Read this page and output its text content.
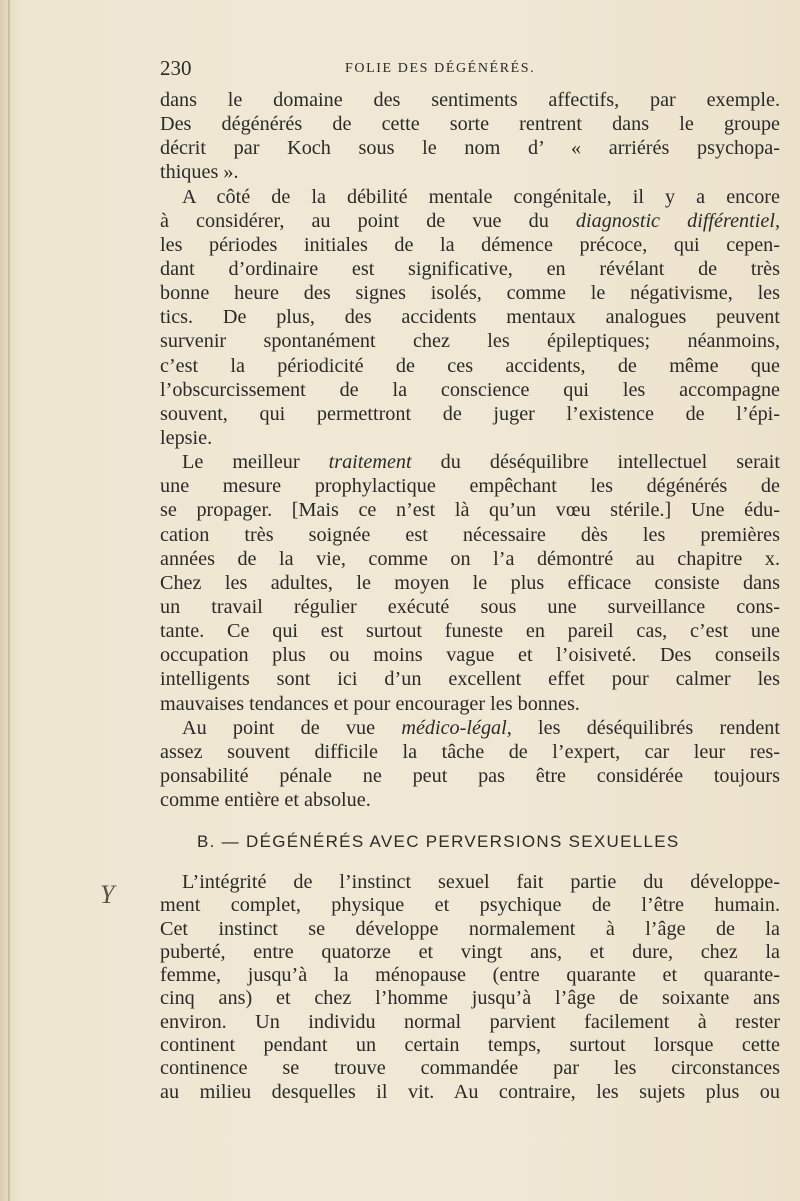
230	FOLIE DES DÉGÉNÉRÉS.
Y
dans le domaine des sentiments affectifs, par exemple.
Des dégénérés de cette sorte rentrent dans le groupe
décrit par Koch sous le nom d’ « arriérés psychopa-
thiques ».
A côté de la débilité mentale congénitale, il y a encore
à considérer, au point de vue du diagnostic différentiel,
les périodes initiales de la démence précoce, qui cepen-
dant d’ordinaire est significative, en révélant de très
bonne heure des signes isolés, comme le négativisme, les
tics. De plus, des accidents mentaux analogues peuvent
survenir spontanément chez les épileptiques; néanmoins,
c’est la périodicité de ces accidents, de même que
l’obscurcissement de la conscience qui les accompagne
souvent, qui permettront de juger l’existence de l’épi-
lepsie.
Le meilleur traitement du déséquilibre intellectuel serait
une mesure prophylactique empêchant les dégénérés de
se propager. [Mais ce n’est là qu’un vœu stérile.] Une édu-
cation très soignée est nécessaire dès les premières
années de la vie, comme on l’a démontré au chapitre x.
Chez les adultes, le moyen le plus efficace consiste dans
un travail régulier exécuté sous une surveillance cons-
tante. Ce qui est surtout funeste en pareil cas, c’est une
occupation plus ou moins vague et l’oisiveté. Des conseils
intelligents sont ici d’un excellent effet pour calmer les
mauvaises tendances et pour encourager les bonnes.
Au point de vue médico-légal, les déséquilibrés rendent
assez souvent difficile la tâche de l’expert, car leur res-
ponsabilité pénale ne peut pas être considérée toujours
comme entière et absolue.
B. — DÉGÉNÉRÉS AVEC PERVERSIONS SEXUELLES
L’intégrité de l’instinct sexuel fait partie du développe-
ment complet, physique et psychique de l’être humain.
Cet instinct se développe normalement à l’âge de la
puberté, entre quatorze et vingt ans, et dure, chez la
femme, jusqu’à la ménopause (entre quarante et quarante-
cinq ans) et chez l’homme jusqu’à l’âge de soixante ans
environ. Un individu normal parvient facilement à rester
continent pendant un certain temps, surtout lorsque cette
continence se trouve commandée par les circonstances
au milieu desquelles il vit. Au contraire, les sujets plus ou
